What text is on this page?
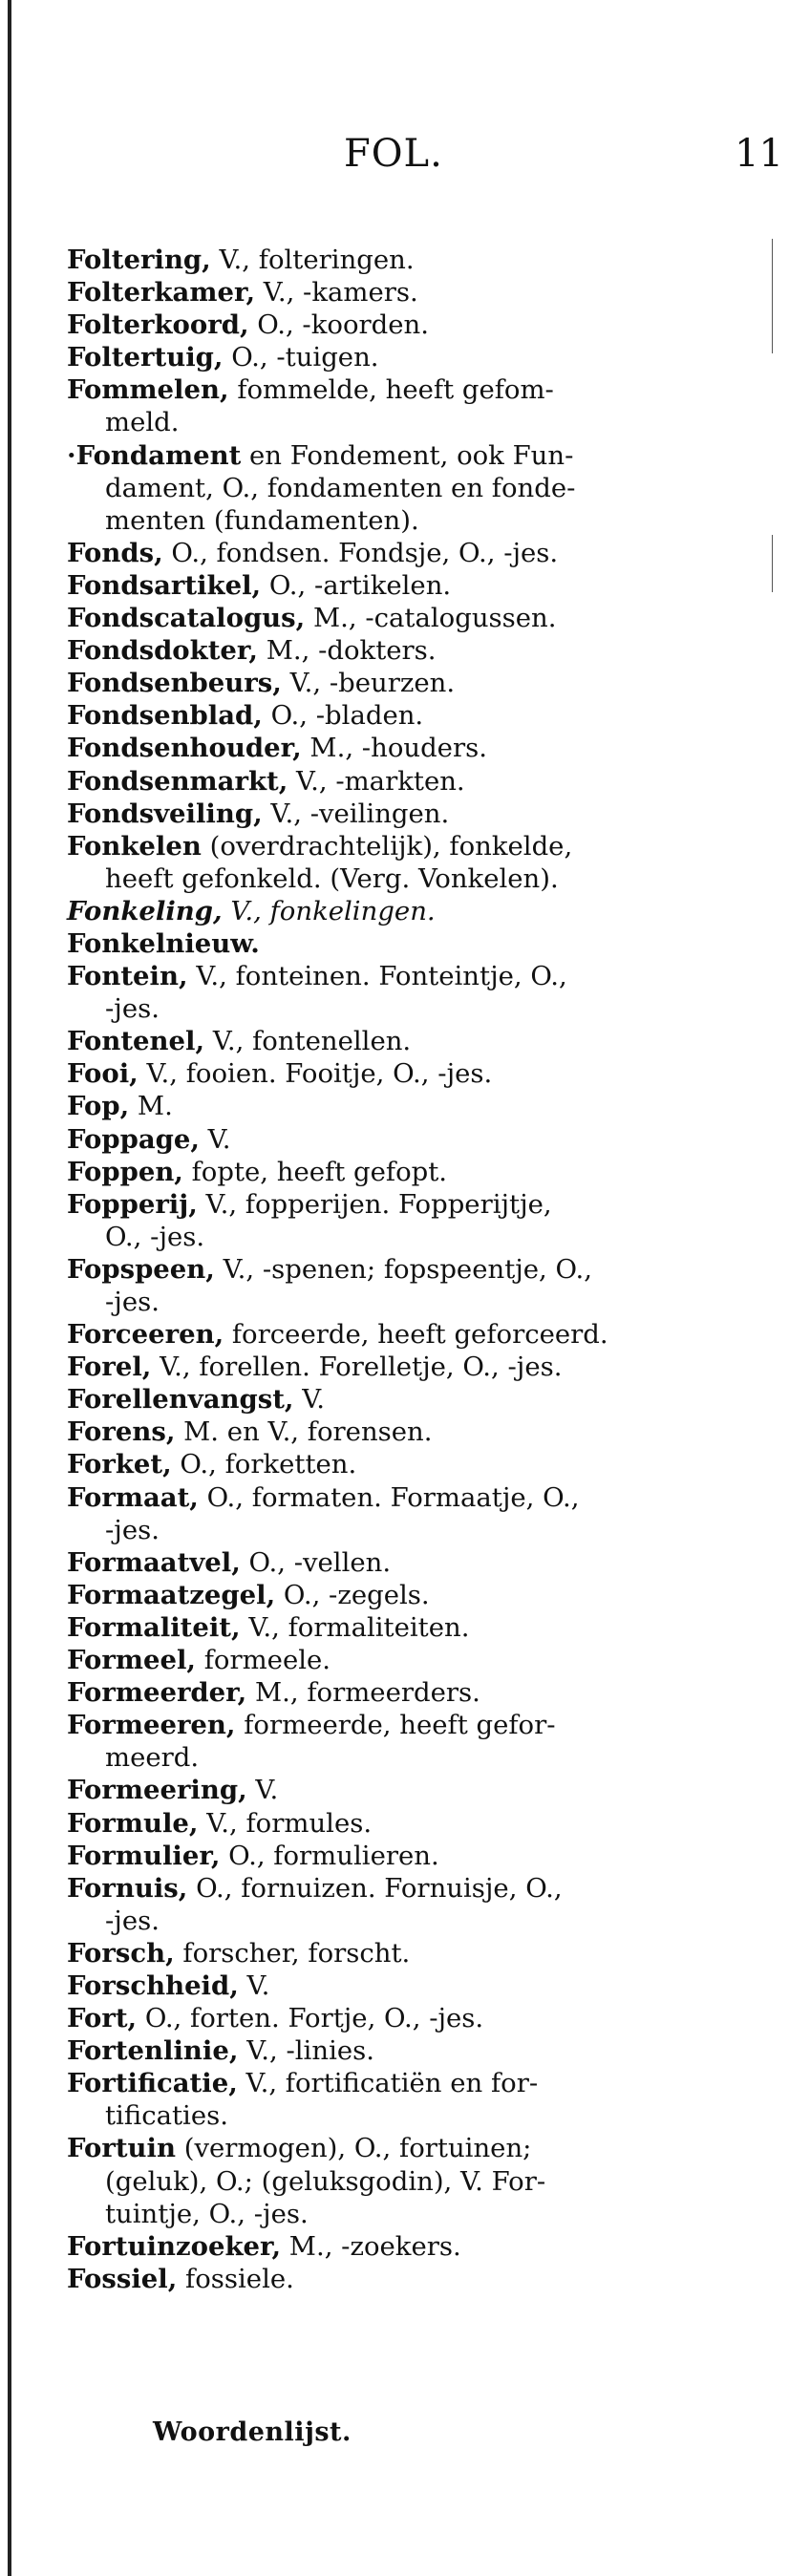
FOL.	11
Foltering, V., folteringen.
Folterkamer, V., -kamers.
Folterkoord, O., -koorden.
Foltertuig, O., -tuigen.
Fommelen, fommelde, heeft gefom-
meld.
·Fondament en Fondement, ook Fun-
dament, O., fondamenten en fonde-
menten (fundamenten).
Fonds, O., fondsen. Fondsje, O., -jes.
Fondsartikel, O., -artikelen.
Fondscatalogus, M., -catalogussen.
Fondsdokter, M., -dokters.
Fondsenbeurs, V., -beurzen.
Fondsenblad, O., -bladen.
Fondsenhouder, M., -houders.
Fondsenmarkt, V., -markten.
Fondsveiling, V., -veilingen.
Fonkelen (overdrachtelijk), fonkelde,
heeft gefonkeld. (Verg. Vonkelen).
Fonkeling, V., fonkelingen.
Fonkelnieuw.
Fontein, V., fonteinen. Fonteintje, O.,
-jes.
Fontenel, V., fontenellen.
Fooi, V., fooien. Fooitje, O., -jes.
Fop, M.
Foppage, V.
Foppen, fopte, heeft gefopt.
Fopperij, V., fopperijen. Fopperijtje,
O., -jes.
Fopspeen, V., -spenen; fopspeentje, O.,
-jes.
Forceeren, forceerde, heeft geforceerd.
Forel, V., forellen. Forelletje, O., -jes.
Forellenvangst, V.
Forens, M. en V., forensen.
Forket, O., forketten.
Formaat, O., formaten. Formaatje, O.,
-jes.
Formaatvel, O., -vellen.
Formaatzegel, O., -zegels.
Formaliteit, V., formaliteiten.
Formeel, formeele.
Formeerder, M., formeerders.
Formeeren, formeerde, heeft gefor-
meerd.
Formeering, V.
Formule, V., formules.
Formulier, O., formulieren.
Fornuis, O., fornuizen. Fornuisje, O.,
-jes.
Forsch, forscher, forscht.
Forschheid, V.
Fort, O., forten. Fortje, O., -jes.
Fortenlinie, V., -linies.
Fortificatie, V., fortificatiën en for-
tificaties.
Fortuin (vermogen), O., fortuinen;
(geluk), O.; (geluksgodin), V. For-
tuintje, O., -jes.
Fortuinzoeker, M., -zoekers.
Fossiel, fossiele.
Woordenlijst.
